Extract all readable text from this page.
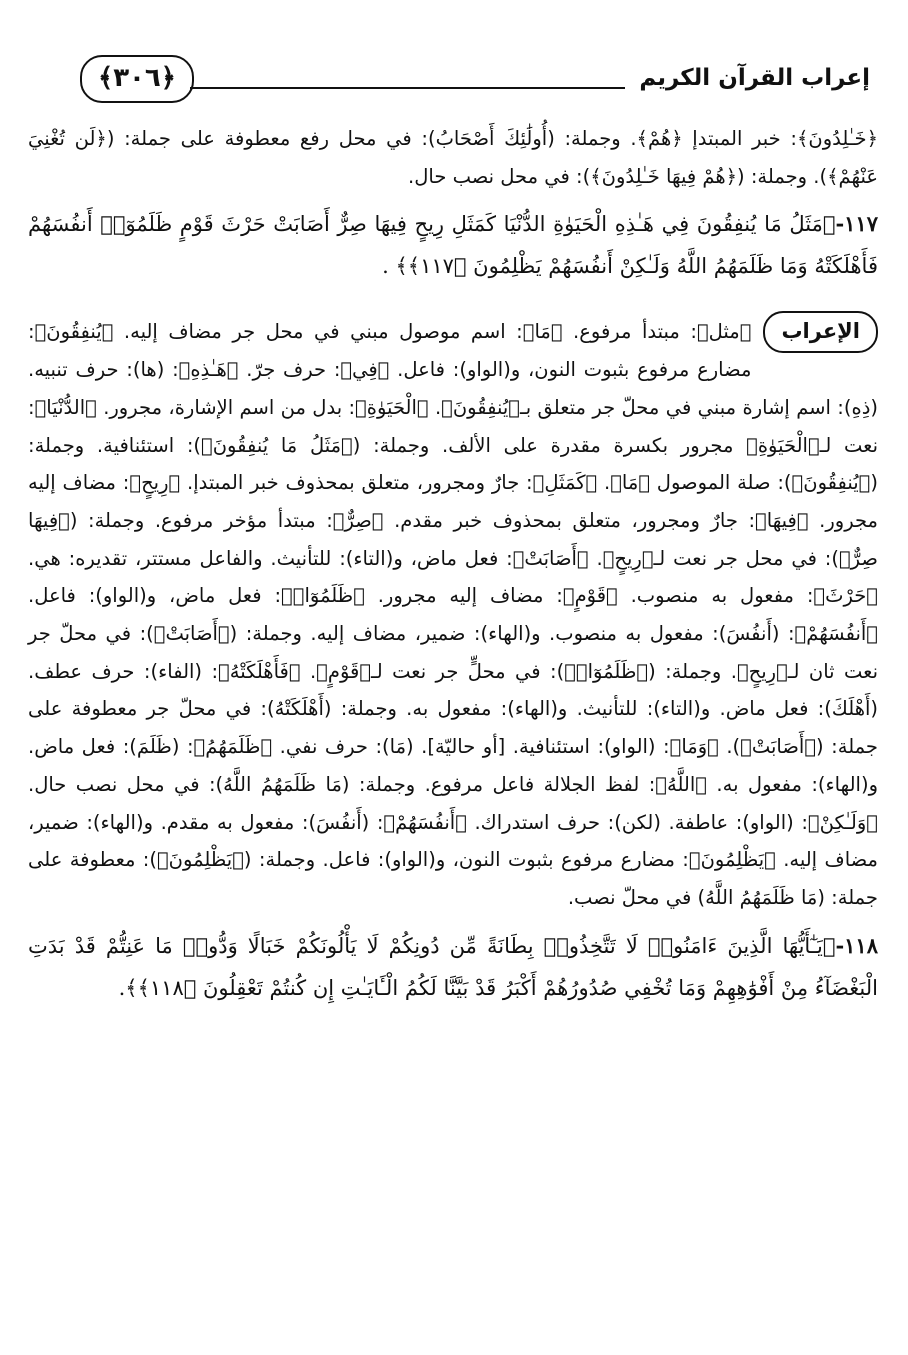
إعراب القرآن الكريم
﴿٣٠٦﴾

﴿خَـٰلِدُونَ﴾: خبر المبتدإ ﴿هُمْ﴾. وجملة: (أُولَٰئِكَ أَصْحَابُ): في محل رفع معطوفة على جملة: (﴿لَن تُغْنِيَ عَنْهُمْ﴾). وجملة: (﴿هُمْ فِيهَا خَـٰلِدُونَ﴾): في محل نصب حال.

١١٧-﴿مَثَلُ مَا يُنفِقُونَ فِي هَـٰذِهِ الْحَيَوٰةِ الدُّنْيَا كَمَثَلِ رِيحٍ فِيهَا صِرٌّ أَصَابَتْ حَرْثَ قَوْمٍ ظَلَمُوٓا۟ أَنفُسَهُمْ فَأَهْلَكَتْهُ وَمَا ظَلَمَهُمُ اللَّهُ وَلَـٰكِنْ أَنفُسَهُمْ يَظْلِمُونَ ﴿١١٧﴾﴾ .

الإعراب
﴿مثل﴾: مبتدأ مرفوع. ﴿مَا﴾: اسم موصول مبني في محل جر مضاف إليه. ﴿يُنفِقُونَ﴾: مضارع مرفوع بثبوت النون، و(الواو): فاعل. ﴿فِي﴾: حرف جرّ. ﴿هَـٰذِهِ﴾: (ها): حرف تنبيه. (ذِهِ): اسم إشارة مبني في محلّ جر متعلق بـ﴿يُنفِقُونَ﴾. ﴿الْحَيَوٰةِ﴾: بدل من اسم الإشارة، مجرور. ﴿الدُّنْيَا﴾: نعت لـ﴿الْحَيَوٰةِ﴾ مجرور بكسرة مقدرة على الألف. وجملة: (﴿مَثَلُ مَا يُنفِقُونَ﴾): استئنافية. وجملة: (﴿يُنفِقُونَ﴾): صلة الموصول ﴿مَا﴾. ﴿كَمَثَلِ﴾: جارٌ ومجرور، متعلق بمحذوف خبر المبتدإ. ﴿رِيحٍ﴾: مضاف إليه مجرور. ﴿فِيهَا﴾: جارٌ ومجرور، متعلق بمحذوف خبر مقدم. ﴿صِرٌّ﴾: مبتدأ مؤخر مرفوع. وجملة: (﴿فِيهَا صِرٌّ﴾): في محل جر نعت لـ﴿رِيحٍ﴾. ﴿أَصَابَتْ﴾: فعل ماض، و(التاء): للتأنيث. والفاعل مستتر، تقديره: هي. ﴿حَرْثَ﴾: مفعول به منصوب. ﴿قَوْمٍ﴾: مضاف إليه مجرور. ﴿ظَلَمُوٓا۟﴾: فعل ماض، و(الواو): فاعل. ﴿أَنفُسَهُمْ﴾: (أَنفُسَ): مفعول به منصوب. و(الهاء): ضمير، مضاف إليه. وجملة: (﴿أَصَابَتْ﴾): في محلّ جر نعت ثان لـ﴿رِيحٍ﴾. وجملة: (﴿ظَلَمُوٓا۟﴾): في محلٍّ جر نعت لـ﴿قَوْمٍ﴾. ﴿فَأَهْلَكَتْهُ﴾: (الفاء): حرف عطف. (أَهْلَكَ): فعل ماض. و(التاء): للتأنيث. و(الهاء): مفعول به. وجملة: (أَهْلَكَتْهُ): في محلّ جر معطوفة على جملة: (﴿أَصَابَتْ﴾). ﴿وَمَا﴾: (الواو): استئنافية. [أو حاليّة]. (مَا): حرف نفي. ﴿ظَلَمَهُمُ﴾: (ظَلَمَ): فعل ماض. و(الهاء): مفعول به. ﴿اللَّهُ﴾: لفظ الجلالة فاعل مرفوع. وجملة: (مَا ظَلَمَهُمُ اللَّهُ): في محل نصب حال. ﴿وَلَـٰكِنْ﴾: (الواو): عاطفة. (لكن): حرف استدراك. ﴿أَنفُسَهُمْ﴾: (أَنفُسَ): مفعول به مقدم. و(الهاء): ضمير، مضاف إليه. ﴿يَظْلِمُونَ﴾: مضارع مرفوع بثبوت النون، و(الواو): فاعل. وجملة: (﴿يَظْلِمُونَ﴾): معطوفة على جملة: (مَا ظَلَمَهُمُ اللَّهُ) في محلّ نصب.

١١٨-﴿يَـٰٓأَيُّهَا الَّذِينَ ءَامَنُوا۟ لَا تَتَّخِذُوا۟ بِطَانَةً مِّن دُونِكُمْ لَا يَأْلُونَكُمْ خَبَالًا وَدُّوا۟ مَا عَنِتُّمْ قَدْ بَدَتِ الْبَغْضَآءُ مِنْ أَفْوَٰهِهِمْ وَمَا تُخْفِي صُدُورُهُمْ أَكْبَرُ قَدْ بَيَّنَّا لَكُمُ الْـَٔايَـٰتِ إِن كُنتُمْ تَعْقِلُونَ ﴿١١٨﴾﴾.
